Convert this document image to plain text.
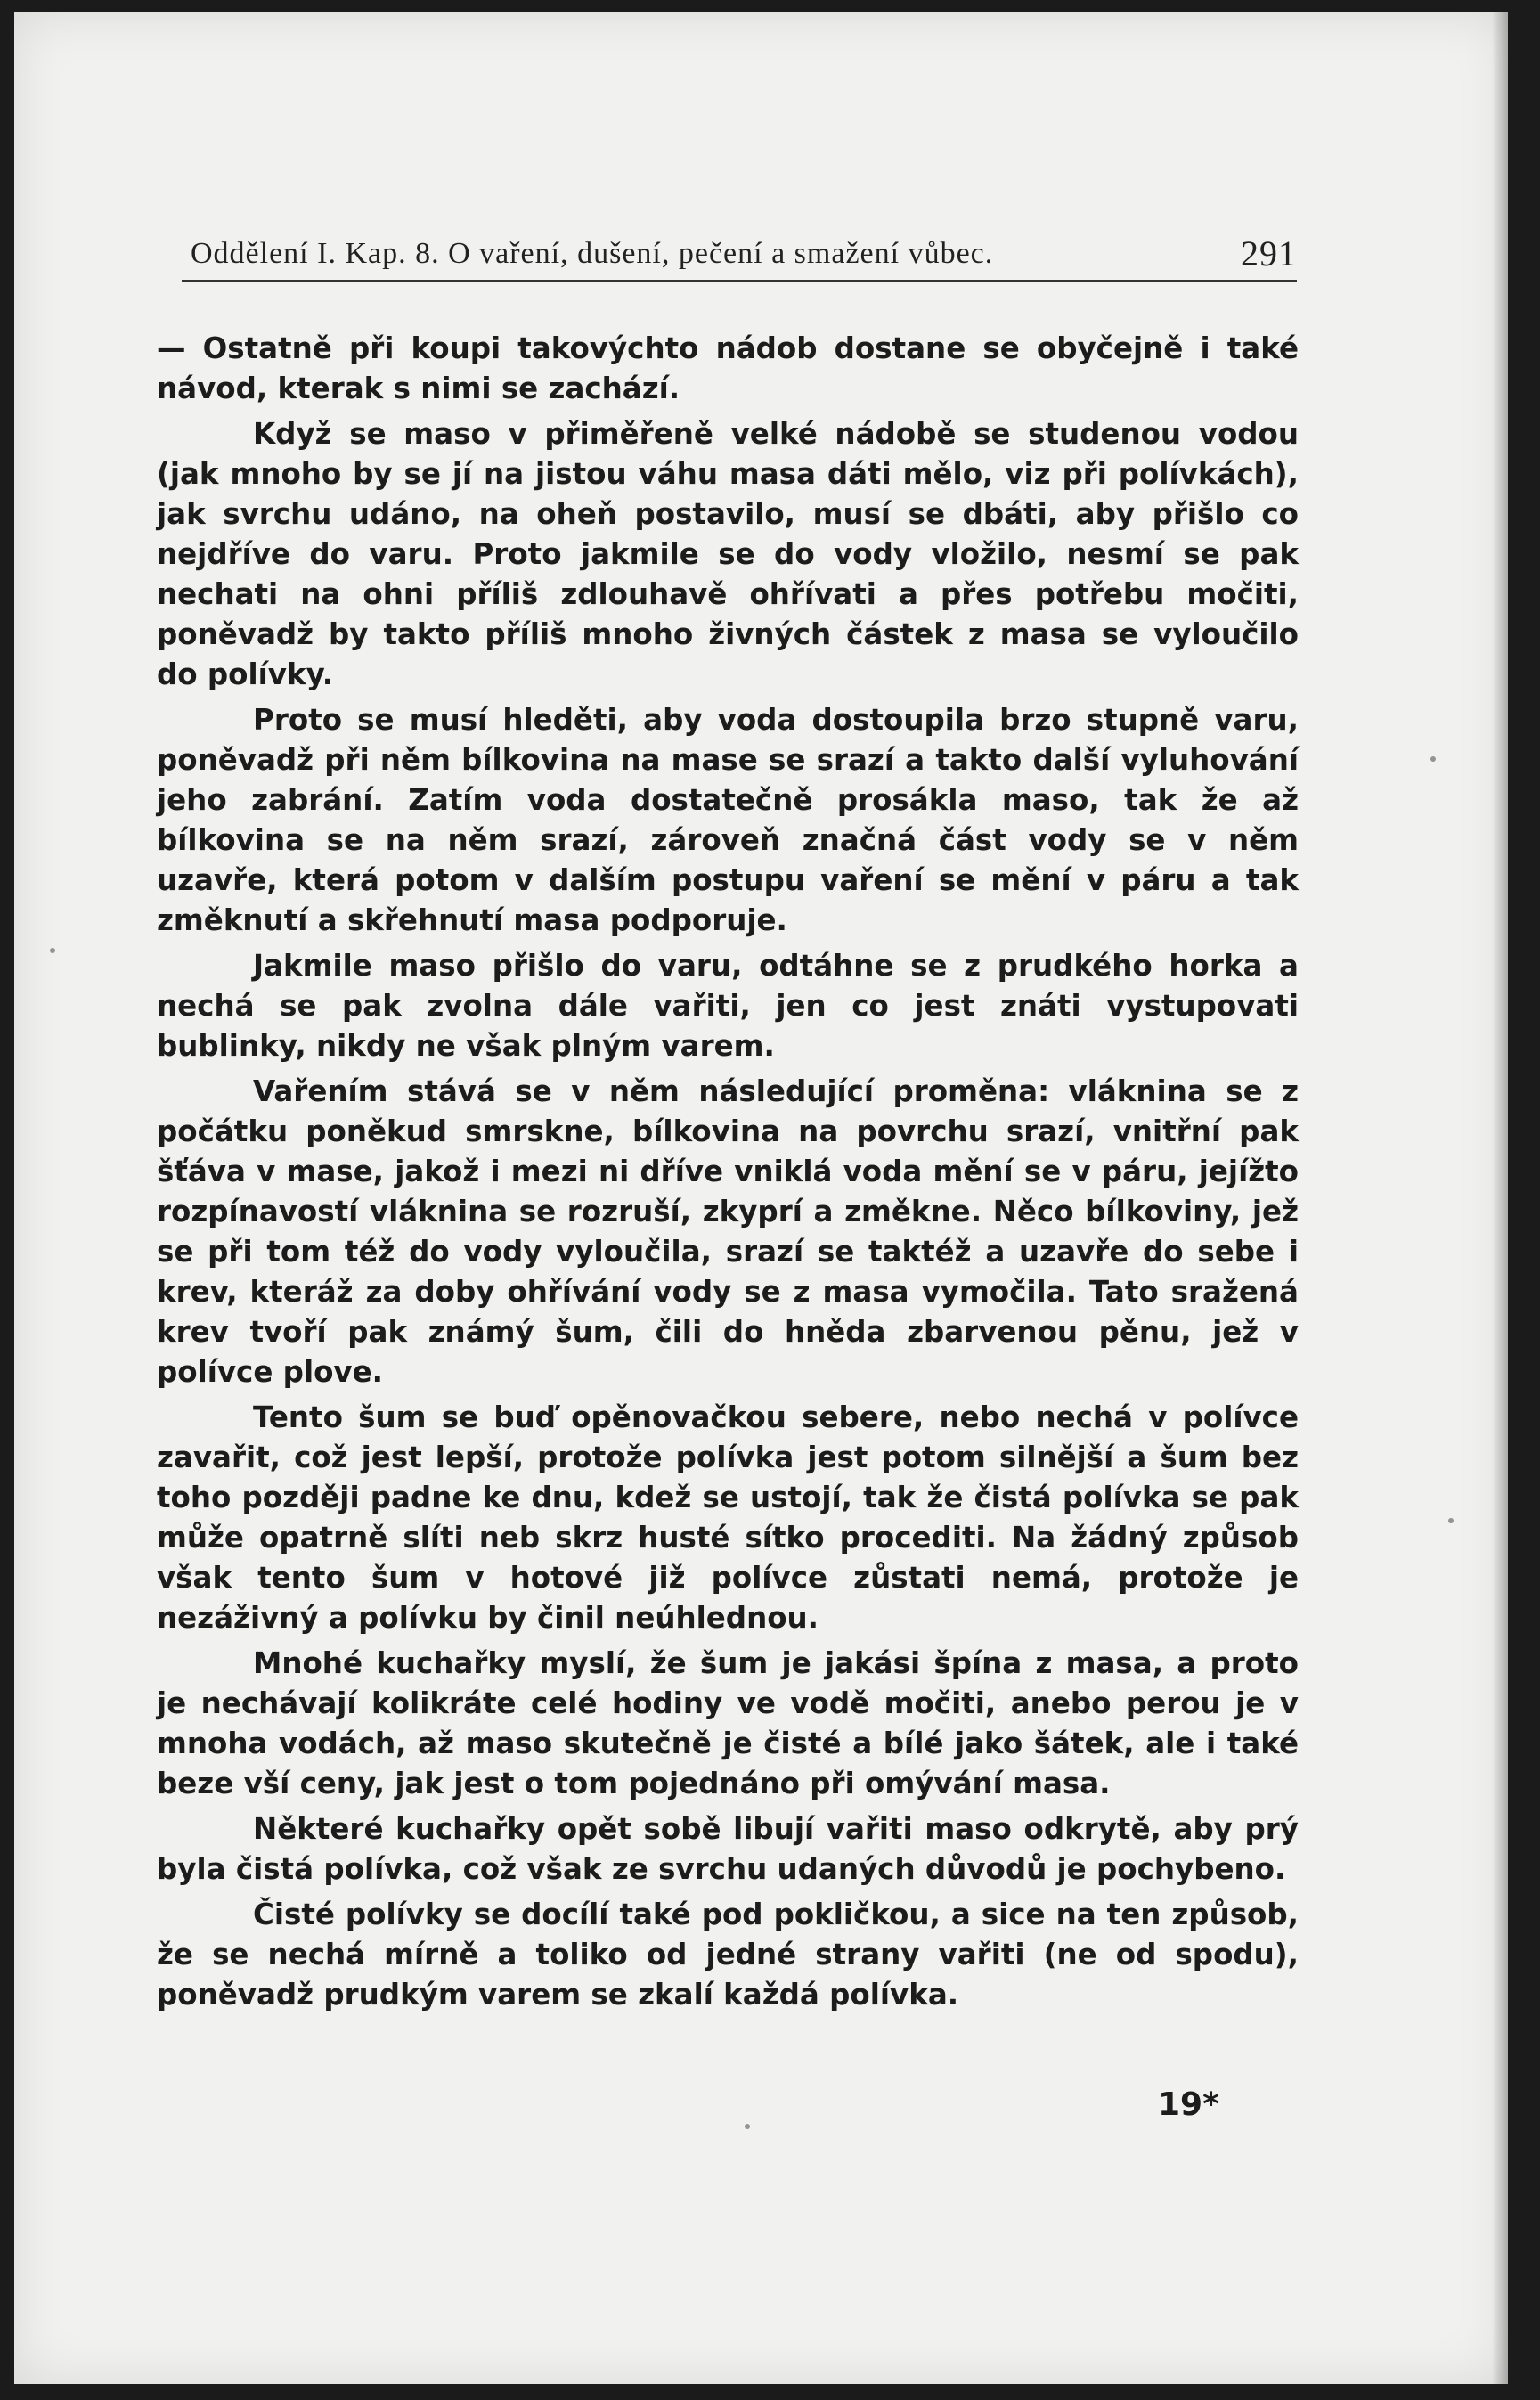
Oddělení I. Kap. 8. O vaření, dušení, pečení a smažení vůbec.	291

— Ostatně při koupi takovýchto nádob dostane se obyčejně i také návod, kterak s nimi se zachází.

Když se maso v přiměřeně velké nádobě se studenou vodou (jak mnoho by se jí na jistou váhu masa dáti mělo, viz při polívkách), jak svrchu udáno, na oheň postavilo, musí se dbáti, aby přišlo co nejdříve do varu. Proto jakmile se do vody vložilo, nesmí se pak nechati na ohni příliš zdlouhavě ohřívati a přes potřebu močiti, poněvadž by takto příliš mnoho živných částek z masa se vyloučilo do polívky.

Proto se musí hleděti, aby voda dostoupila brzo stupně varu, poněvadž při něm bílkovina na mase se srazí a takto další vyluhování jeho zabrání. Zatím voda dostatečně prosákla maso, tak že až bílkovina se na něm srazí, zároveň značná část vody se v něm uzavře, která potom v dalším postupu vaření se mění v páru a tak změknutí a skřehnutí masa podporuje.

Jakmile maso přišlo do varu, odtáhne se z prudkého horka a nechá se pak zvolna dále vařiti, jen co jest znáti vystupovati bublinky, nikdy ne však plným varem.

Vařením stává se v něm následující proměna: vláknina se z počátku poněkud smrskne, bílkovina na povrchu srazí, vnitřní pak šťáva v mase, jakož i mezi ni dříve vniklá voda mění se v páru, jejížto rozpínavostí vláknina se rozruší, zkyprí a změkne. Něco bílkoviny, jež se při tom též do vody vyloučila, srazí se taktéž a uzavře do sebe i krev, kteráž za doby ohřívání vody se z masa vymočila. Tato sražená krev tvoří pak známý šum, čili do hněda zbarvenou pěnu, jež v polívce plove.

Tento šum se buď opěnovačkou sebere, nebo nechá v polívce zavařit, což jest lepší, protože polívka jest potom silnější a šum bez toho později padne ke dnu, kdež se ustojí, tak že čistá polívka se pak může opatrně slíti neb skrz husté sítko procediti. Na žádný způsob však tento šum v hotové již polívce zůstati nemá, protože je nezáživný a polívku by činil neúhlednou.

Mnohé kuchařky myslí, že šum je jakási špína z masa, a proto je nechávají kolikráte celé hodiny ve vodě močiti, anebo perou je v mnoha vodách, až maso skutečně je čisté a bílé jako šátek, ale i také beze vší ceny, jak jest o tom pojednáno při omývání masa.

Některé kuchařky opět sobě libují vařiti maso odkrytě, aby prý byla čistá polívka, což však ze svrchu udaných důvodů je pochybeno.

Čisté polívky se docílí také pod pokličkou, a sice na ten způsob, že se nechá mírně a toliko od jedné strany vařiti (ne od spodu), poněvadž prudkým varem se zkalí každá polívka.

19*
